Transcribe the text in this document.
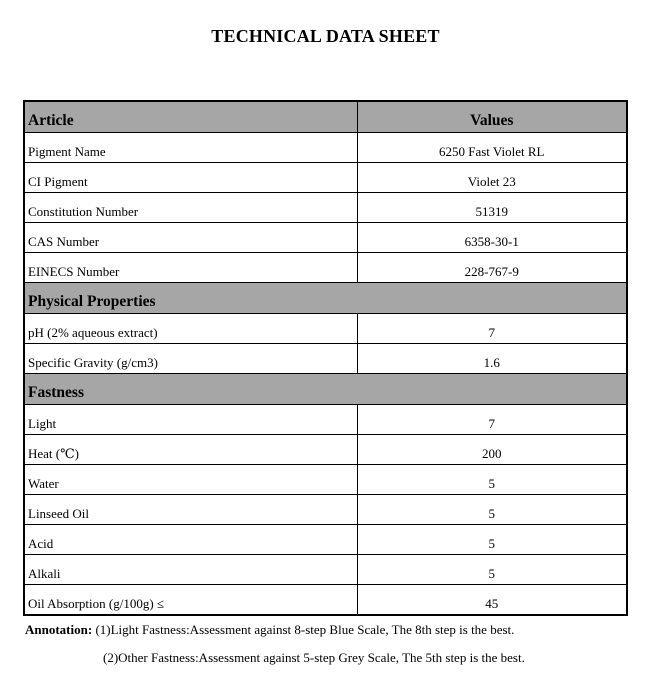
TECHNICAL DATA SHEET
Article	Values
Pigment Name	6250 Fast Violet RL
CI Pigment	Violet 23
Constitution Number	51319
CAS Number	6358-30-1
EINECS Number	228-767-9
Physical Properties	
pH (2% aqueous extract)	7
Specific Gravity (g/cm3)	1.6
Fastness	
Light	7
Heat (℃)	200
Water	5
Linseed Oil	5
Acid	5
Alkali	5
Oil Absorption (g/100g) ≤	45
Annotation: (1)Light Fastness:Assessment against 8-step Blue Scale, The 8th step is the best.
(2)Other Fastness:Assessment against 5-step Grey Scale, The 5th step is the best.
